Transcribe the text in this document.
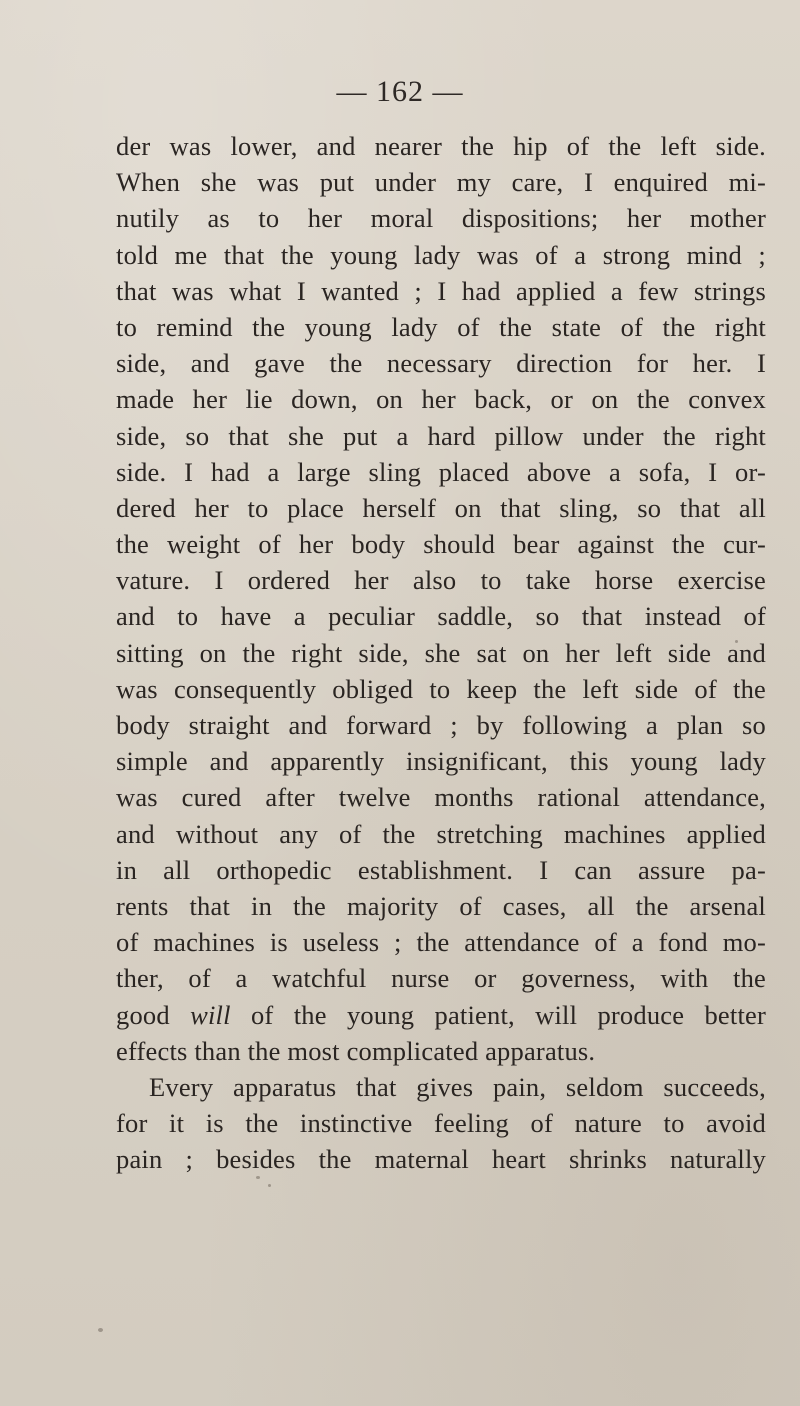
— 162 —
der was lower, and nearer the hip of the left side.
When she was put under my care, I enquired mi-
nutily as to her moral dispositions; her mother
told me that the young lady was of a strong mind ;
that was what I wanted ; I had applied a few strings
to remind the young lady of the state of the right
side, and gave the necessary direction for her. I
made her lie down, on her back, or on the convex
side, so that she put a hard pillow under the right
side. I had a large sling placed above a sofa, I or-
dered her to place herself on that sling, so that all
the weight of her body should bear against the cur-
vature. I ordered her also to take horse exercise
and to have a peculiar saddle, so that instead of
sitting on the right side, she sat on her left side and
was consequently obliged to keep the left side of the
body straight and forward ; by following a plan so
simple and apparently insignificant, this young lady
was cured after twelve months rational attendance,
and without any of the stretching machines applied
in all orthopedic establishment. I can assure pa-
rents that in the majority of cases, all the arsenal
of machines is useless ; the attendance of a fond mo-
ther, of a watchful nurse or governess, with the
good will of the young patient, will produce better
effects than the most complicated apparatus.
Every apparatus that gives pain, seldom succeeds,
for it is the instinctive feeling of nature to avoid
pain ; besides the maternal heart shrinks naturally
